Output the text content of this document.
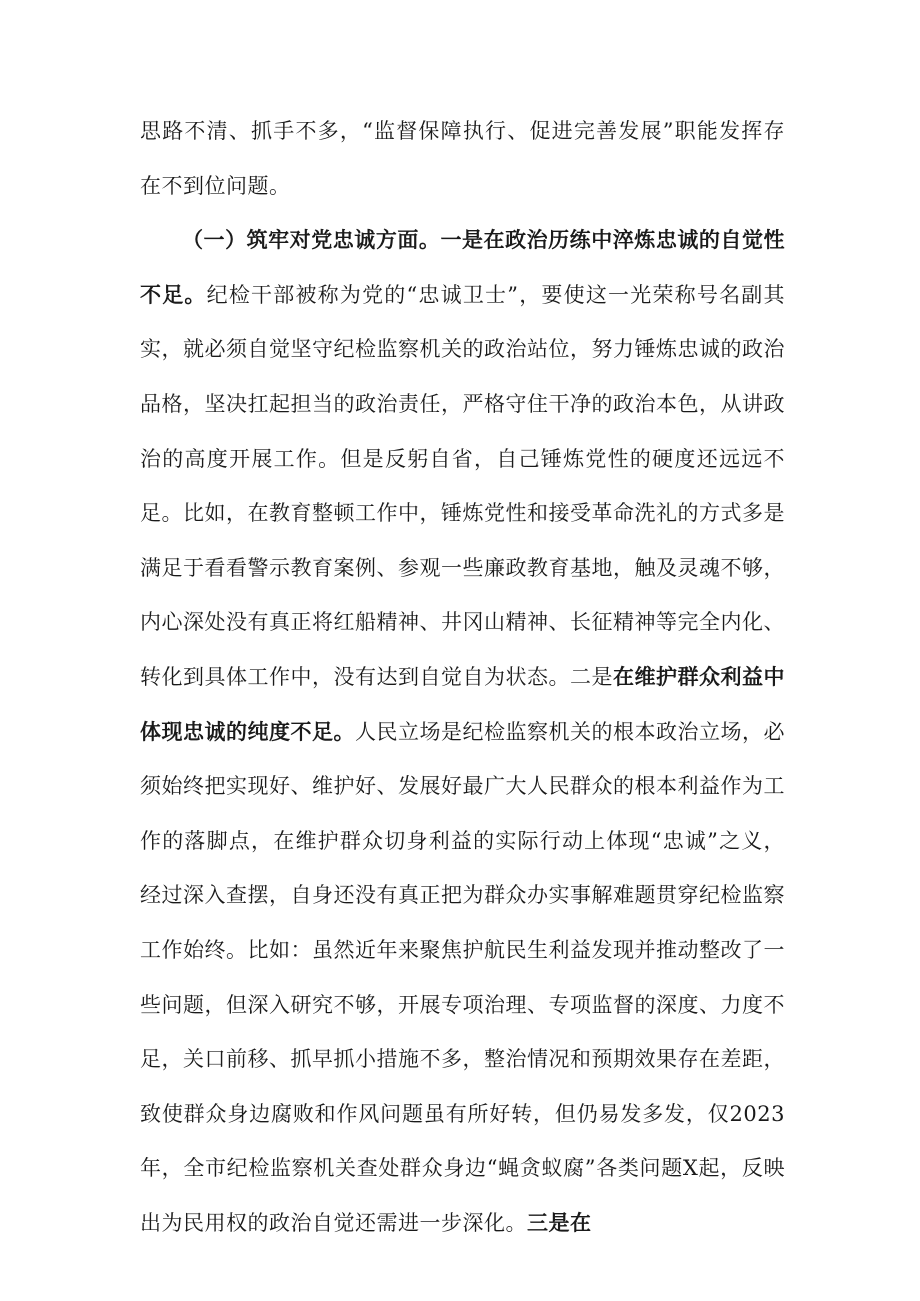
思路不清、抓手不多，“监督保障执行、促进完善发展”职能发挥存在不到位问题。

（一）筑牢对党忠诚方面。一是在政治历练中淬炼忠诚的自觉性不足。纪检干部被称为党的“忠诚卫士”，要使这一光荣称号名副其实，就必须自觉坚守纪检监察机关的政治站位，努力锤炼忠诚的政治品格，坚决扛起担当的政治责任，严格守住干净的政治本色，从讲政治的高度开展工作。但是反躬自省，自己锤炼党性的硬度还远远不足。比如，在教育整顿工作中，锤炼党性和接受革命洗礼的方式多是满足于看看警示教育案例、参观一些廉政教育基地，触及灵魂不够，内心深处没有真正将红船精神、井冈山精神、长征精神等完全内化、转化到具体工作中，没有达到自觉自为状态。二是在维护群众利益中体现忠诚的纯度不足。人民立场是纪检监察机关的根本政治立场，必须始终把实现好、维护好、发展好最广大人民群众的根本利益作为工作的落脚点，在维护群众切身利益的实际行动上体现“忠诚”之义，经过深入查摆，自身还没有真正把为群众办实事解难题贯穿纪检监察工作始终。比如：虽然近年来聚焦护航民生利益发现并推动整改了一些问题，但深入研究不够，开展专项治理、专项监督的深度、力度不足，关口前移、抓早抓小措施不多，整治情况和预期效果存在差距，致使群众身边腐败和作风问题虽有所好转，但仍易发多发，仅2023年，全市纪检监察机关查处群众身边“蝇贪蚁腐”各类问题X起，反映出为民用权的政治自觉还需进一步深化。三是在
